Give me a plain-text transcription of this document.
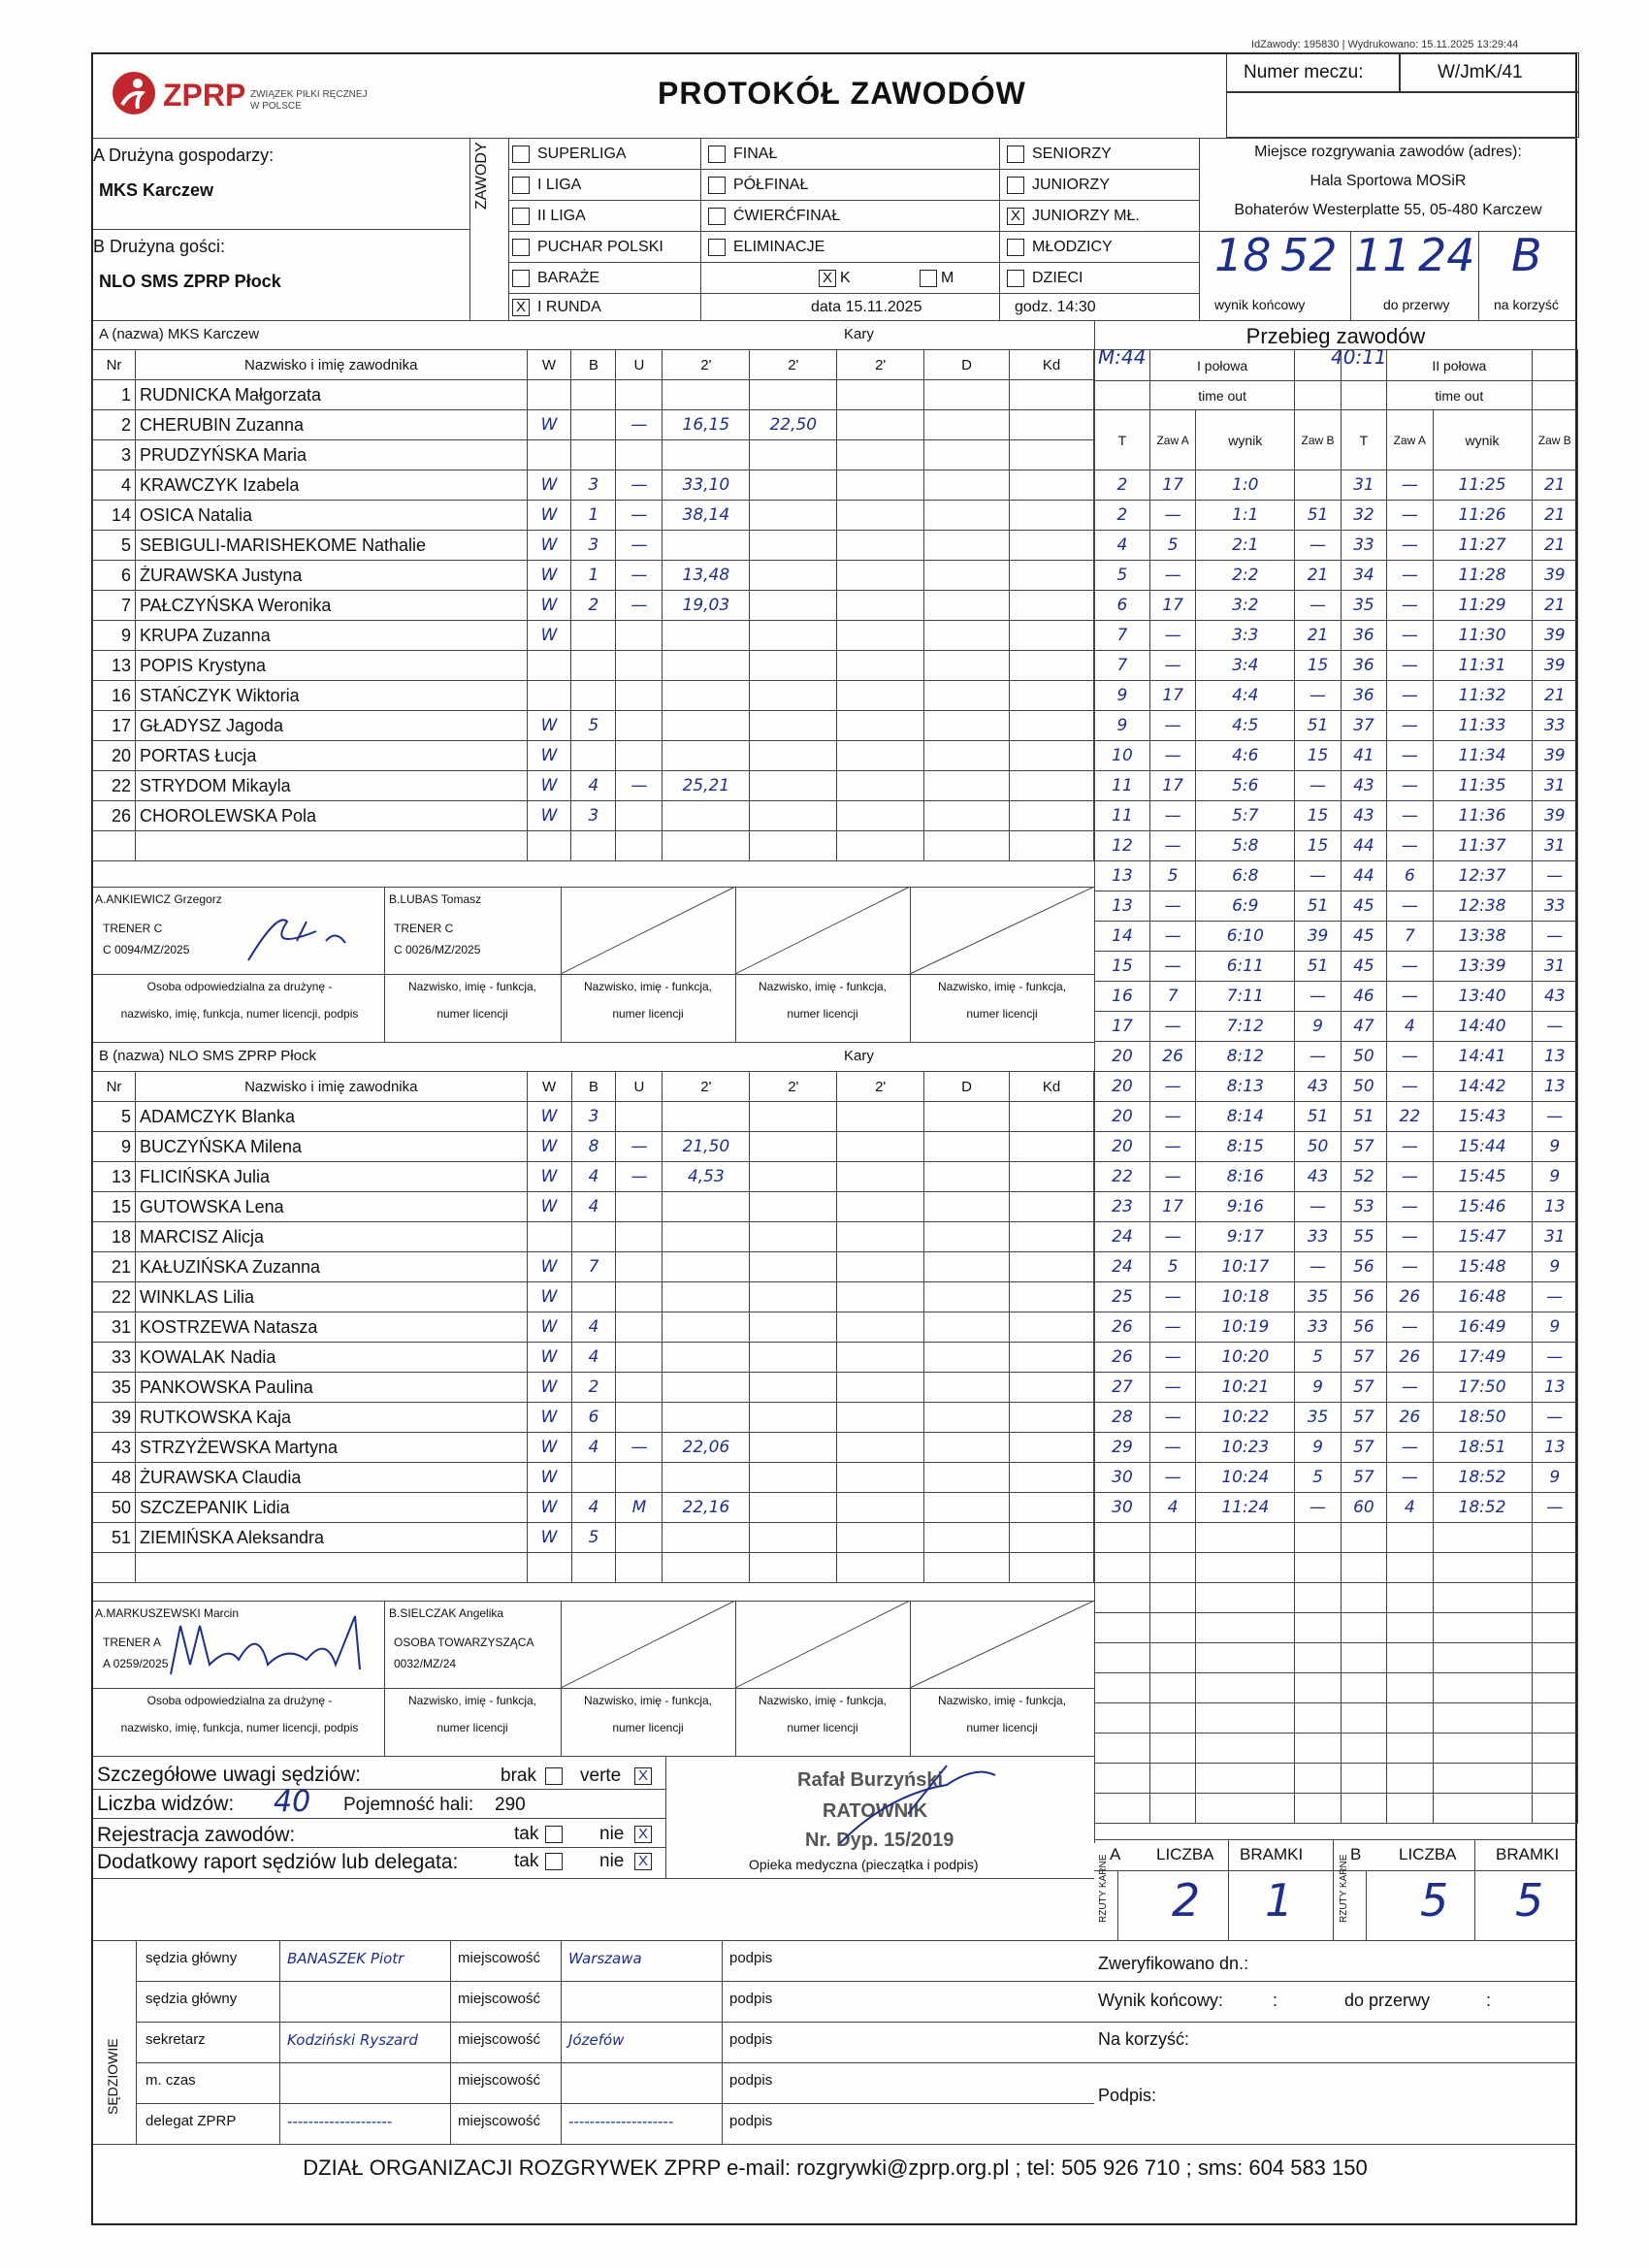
IdZawody: 195830 | Wydrukowano: 15.11.2025 13:29:44
ZPRP ZWIĄZEK PIŁKI RĘCZNEJ
W POLSCE	PROTOKÓŁ ZAWODÓW
Numer meczu:	W/JmK/41
A Drużyna gospodarzy:
MKS Karczew
B Drużyna gości:
NLO SMS ZPRP Płock
ZAWODY	SUPERLIGA
I LIGA
II LIGA
PUCHAR POLSKI
BARAŻE
X I RUNDA
FINAŁ
PÓŁFINAŁ
ĆWIERĆFINAŁ
ELIMINACJE
X K	M
data 15.11.2025
SENIORZY
JUNIORZY
X JUNIORZY MŁ.
MŁODZICY
DZIECI
godz. 14:30
Miejsce rozgrywania zawodów (adres):
Hala Sportowa MOSiR
Bohaterów Westerplatte 55, 05-480 Karczew
18 52 11 24 B
wynik końcowy	do przerwy	na korzyść
A (nazwa) MKS Karczew	Kary
Nr	Nazwisko i imię zawodnika	W	B	U	2'	2'	2'	D	Kd
1	RUDNICKA Małgorzata								
2	CHERUBIN Zuzanna	W		—	16,15	22,50			
3	PRUDZYŃSKA Maria								
4	KRAWCZYK Izabela	W	3	—	33,10				
14	OSICA Natalia	W	1	—	38,14				
5	SEBIGULI-MARISHEKOME Nathalie	W	3	—					
6	ŻURAWSKA Justyna	W	1	—	13,48				
7	PAŁCZYŃSKA Weronika	W	2	—	19,03				
9	KRUPA Zuzanna	W							
13	POPIS Krystyna								
16	STAŃCZYK Wiktoria								
17	GŁADYSZ Jagoda	W	5						
20	PORTAS Łucja	W							
22	STRYDOM Mikayla	W	4	—	25,21				
26	CHOROLEWSKA Pola	W	3						

A.ANKIEWICZ Grzegorz
TRENER C
C 0094/MZ/2025
B.LUBAS Tomasz
TRENER C
C 0026/MZ/2025
Osoba odpowiedzialna za drużynę -
nazwisko, imię, funkcja, numer licencji, podpis
Nazwisko, imię - funkcja,
numer licencji
Nazwisko, imię - funkcja,
numer licencji
Nazwisko, imię - funkcja,
numer licencji
Nazwisko, imię - funkcja,
numer licencji
B (nazwa) NLO SMS ZPRP Płock	Kary
Nr	Nazwisko i imię zawodnika	W	B	U	2'	2'	2'	D	Kd
5	ADAMCZYK Blanka	W	3						
9	BUCZYŃSKA Milena	W	8	—	21,50				
13	FLICIŃSKA Julia	W	4	—	4,53				
15	GUTOWSKA Lena	W	4						
18	MARCISZ Alicja								
21	KAŁUZIŃSKA Zuzanna	W	7						
22	WINKLAS Lilia	W							
31	KOSTRZEWA Natasza	W	4						
33	KOWALAK Nadia	W	4						
35	PANKOWSKA Paulina	W	2						
39	RUTKOWSKA Kaja	W	6						
43	STRZYŻEWSKA Martyna	W	4	—	22,06				
48	ŻURAWSKA Claudia	W							
50	SZCZEPANIK Lidia	W	4	M	22,16				
51	ZIEMIŃSKA Aleksandra	W	5						

A.MARKUSZEWSKI Marcin
TRENER A
A 0259/2025
B.SIELCZAK Angelika
OSOBA TOWARZYSZĄCA
0032/MZ/24
Osoba odpowiedzialna za drużynę -
nazwisko, imię, funkcja, numer licencji, podpis
Nazwisko, imię - funkcja,
numer licencji
Nazwisko, imię - funkcja,
numer licencji
Nazwisko, imię - funkcja,
numer licencji
Nazwisko, imię - funkcja,
numer licencji
Przebieg zawodów
M:44	40:11
	I połowa				II połowa		
	time out				time out		
T	Zaw A	wynik	Zaw B	T	Zaw A	wynik	Zaw B
2	17	1:0		31	—	11:25	21
2	—	1:1	51	32	—	11:26	21
4	5	2:1	—	33	—	11:27	21
5	—	2:2	21	34	—	11:28	39
6	17	3:2	—	35	—	11:29	21
7	—	3:3	21	36	—	11:30	39
7	—	3:4	15	36	—	11:31	39
9	17	4:4	—	36	—	11:32	21
9	—	4:5	51	37	—	11:33	33
10	—	4:6	15	41	—	11:34	39
11	17	5:6	—	43	—	11:35	31
11	—	5:7	15	43	—	11:36	39
12	—	5:8	15	44	—	11:37	31
13	5	6:8	—	44	6	12:37	—
13	—	6:9	51	45	—	12:38	33
14	—	6:10	39	45	7	13:38	—
15	—	6:11	51	45	—	13:39	31
16	7	7:11	—	46	—	13:40	43
17	—	7:12	9	47	4	14:40	—
20	26	8:12	—	50	—	14:41	13
20	—	8:13	43	50	—	14:42	13
20	—	8:14	51	51	22	15:43	—
20	—	8:15	50	57	—	15:44	9
22	—	8:16	43	52	—	15:45	9
23	17	9:16	—	53	—	15:46	13
24	—	9:17	33	55	—	15:47	31
24	5	10:17	—	56	—	15:48	9
25	—	10:18	35	56	26	16:48	—
26	—	10:19	33	56	—	16:49	9
26	—	10:20	5	57	26	17:49	—
27	—	10:21	9	57	—	17:50	13
28	—	10:22	35	57	26	18:50	—
29	—	10:23	9	57	—	18:51	13
30	—	10:24	5	57	—	18:52	9
30	4	11:24	—	60	4	18:52	—

Szczegółowe uwagi sędziów:	brak verte X
Liczba widzów: 40 Pojemność hali: 290
Rejestracja zawodów:	tak	nie X
Dodatkowy raport sędziów lub delegata:	tak	nie X
Rafał Burzyński
RATOWNIK
Nr. Dyp. 15/2019
Opieka medyczna (pieczątka i podpis)
A LICZBA BRAMKI	B LICZBA BRAMKI
RZUTY KARNE	RZUTY KARNE
2 1	5 5
SĘDZIOWIE
sędzia główny	BANASZEK Piotr	miejscowość Warszawa	podpis
sędzia główny	miejscowość	podpis
sekretarz	Kodziński Ryszard	miejscowość Józefów	podpis
m. czas	miejscowość	podpis
delegat ZPRP	--------------------	miejscowość --------------------	podpis
Zweryfikowano dn.:
Wynik końcowy:	:	do przerwy	:
Na korzyść:
Podpis:
DZIAŁ ORGANIZACJI ROZGRYWEK ZPRP e-mail: rozgrywki@zprp.org.pl ; tel: 505 926 710 ; sms: 604 583 150
